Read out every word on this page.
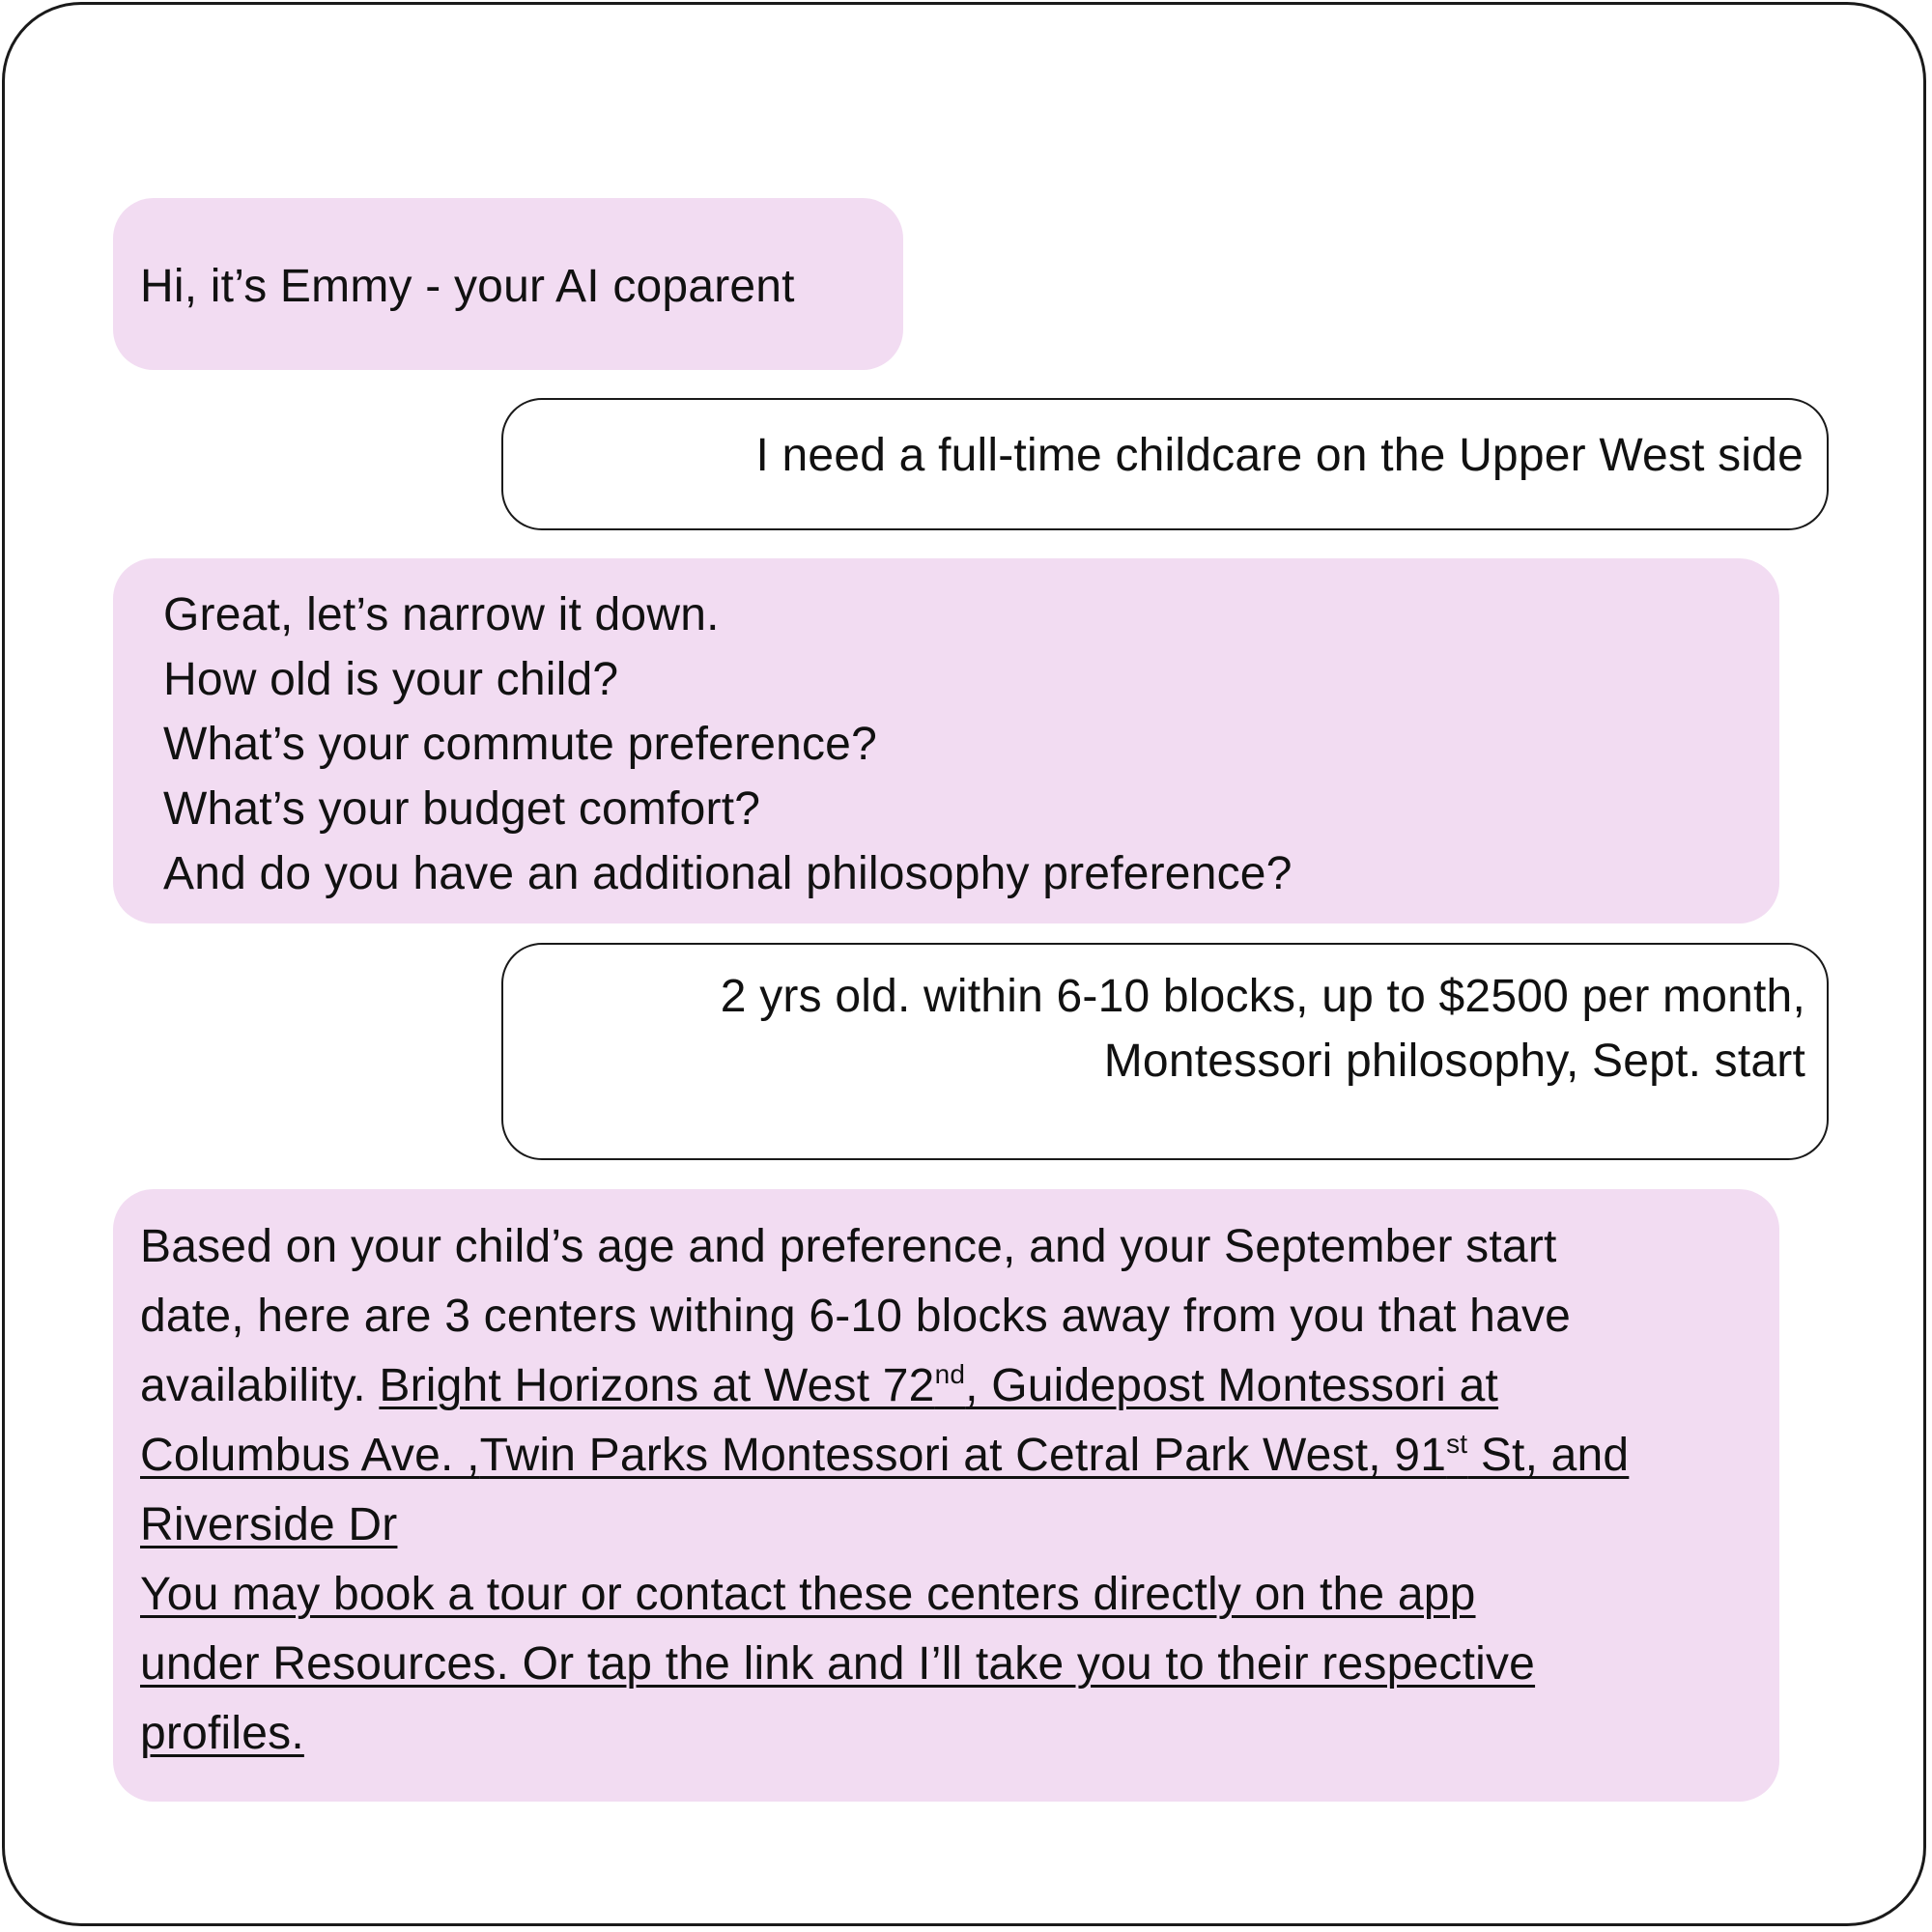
Hi, it’s Emmy - your AI coparent
I need a full-time childcare on the Upper West side
Great, let’s narrow it down.
How old is your child?
What’s your commute preference?
What’s your budget comfort?
And do you have an additional philosophy preference?
2 yrs old. within 6-10 blocks, up to $2500 per month,
Montessori philosophy, Sept. start
Based on your child’s age and preference, and your September start
date, here are 3 centers withing 6-10 blocks away from you that have
availability. Bright Horizons at West 72nd, Guidepost Montessori at
Columbus Ave. ,Twin Parks Montessori at Cetral Park West, 91st St, and
Riverside Dr
You may book a tour or contact these centers directly on the app
under Resources. Or tap the link and I’ll take you to their respective
profiles.
